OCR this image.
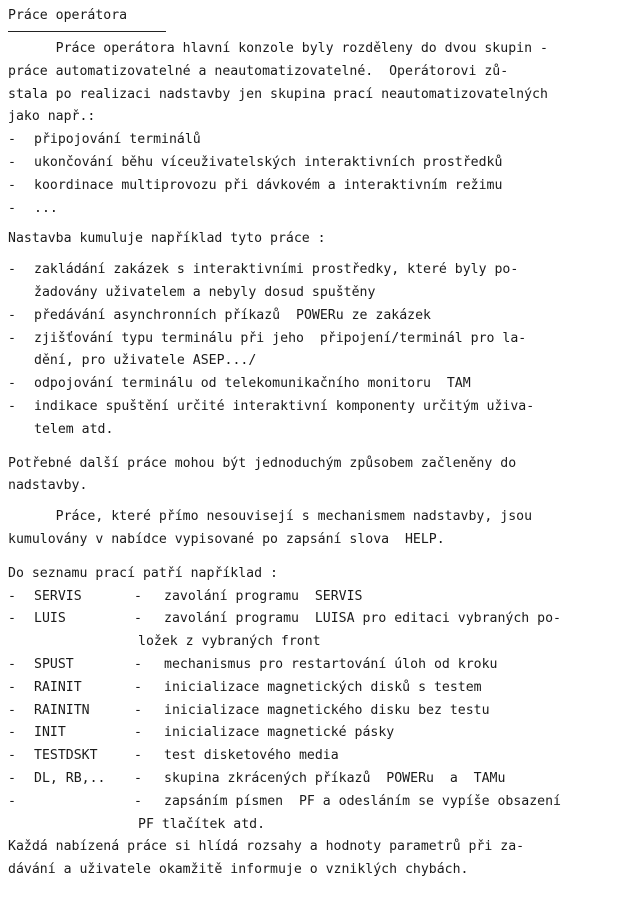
Práce operátora
Práce operátora hlavní konzole byly rozděleny do dvou skupin -
práce automatizovatelné a neautomatizovatelné.  Operátorovi zů-
stala po realizaci nadstavby jen skupina prací neautomatizovatelných
jako např.:
- připojování terminálů
- ukončování běhu víceuživatelských interaktivních prostředků
- koordinace multiprovozu při dávkovém a interaktivním režimu
- ...
Nastavba kumuluje například tyto práce :
- zakládání zakázek s interaktivními prostředky, které byly po-
žadovány uživatelem a nebyly dosud spuštěny
- předávání asynchronních příkazů  POWERu ze zakázek
- zjišťování typu terminálu při jeho  připojení/terminál pro la-
dění, pro uživatele ASEP.../
- odpojování terminálu od telekomunikačního monitoru  TAM
- indikace spuštění určité interaktivní komponenty určitým uživa-
telem atd.
Potřebné další práce mohou být jednoduchým způsobem začleněny do
nadstavby.
Práce, které přímo nesouvisejí s mechanismem nadstavby, jsou
kumulovány v nabídce vypisované po zapsání slova  HELP.
Do seznamu prací patří například :
- SERVIS	- zavolání programu  SERVIS
- LUIS	- zavolání programu  LUISA pro editaci vybraných po-
ložek z vybraných front
- SPUST	- mechanismus pro restartování úloh od kroku
- RAINIT	- inicializace magnetických disků s testem
- RAINITN	- inicializace magnetického disku bez testu
- INIT	- inicializace magnetické pásky
- TESTDSKT	- test disketového media
- DL, RB,.. - skupina zkrácených příkazů  POWERu  a  TAMu
-	- zapsáním písmen  PF a odesláním se vypíše obsazení
PF tlačítek atd.
Každá nabízená práce si hlídá rozsahy a hodnoty parametrů při za-
dávání a uživatele okamžitě informuje o vzniklých chybách.
